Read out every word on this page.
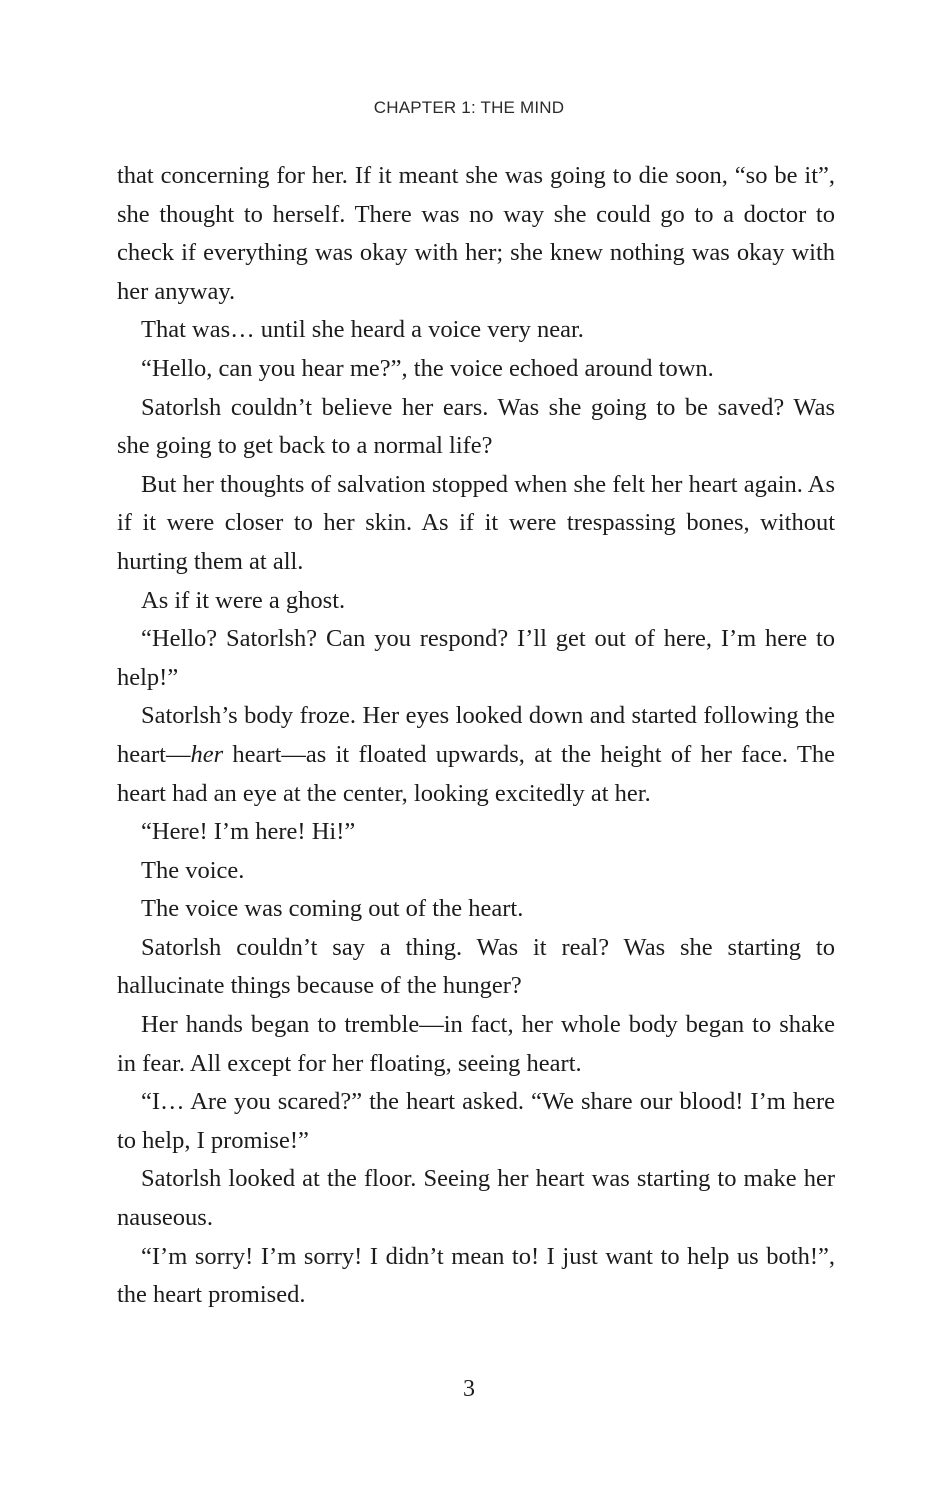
CHAPTER 1: THE MIND

that concerning for her. If it meant she was going to die soon, “so be it”, she thought to herself. There was no way she could go to a doctor to check if everything was okay with her; she knew nothing was okay with her anyway.

That was… until she heard a voice very near.

“Hello, can you hear me?”, the voice echoed around town.

Satorlsh couldn’t believe her ears. Was she going to be saved? Was she going to get back to a normal life?

But her thoughts of salvation stopped when she felt her heart again. As if it were closer to her skin. As if it were trespassing bones, without hurting them at all.

As if it were a ghost.

“Hello? Satorlsh? Can you respond? I’ll get out of here, I’m here to help!”

Satorlsh’s body froze. Her eyes looked down and started following the heart—her heart—as it floated upwards, at the height of her face. The heart had an eye at the center, looking excitedly at her.

“Here! I’m here! Hi!”

The voice.

The voice was coming out of the heart.

Satorlsh couldn’t say a thing. Was it real? Was she starting to hallucinate things because of the hunger?

Her hands began to tremble—in fact, her whole body began to shake in fear. All except for her floating, seeing heart.

“I… Are you scared?” the heart asked. “We share our blood! I’m here to help, I promise!”

Satorlsh looked at the floor. Seeing her heart was starting to make her nauseous.

“I’m sorry! I’m sorry! I didn’t mean to! I just want to help us both!”, the heart promised.

3
